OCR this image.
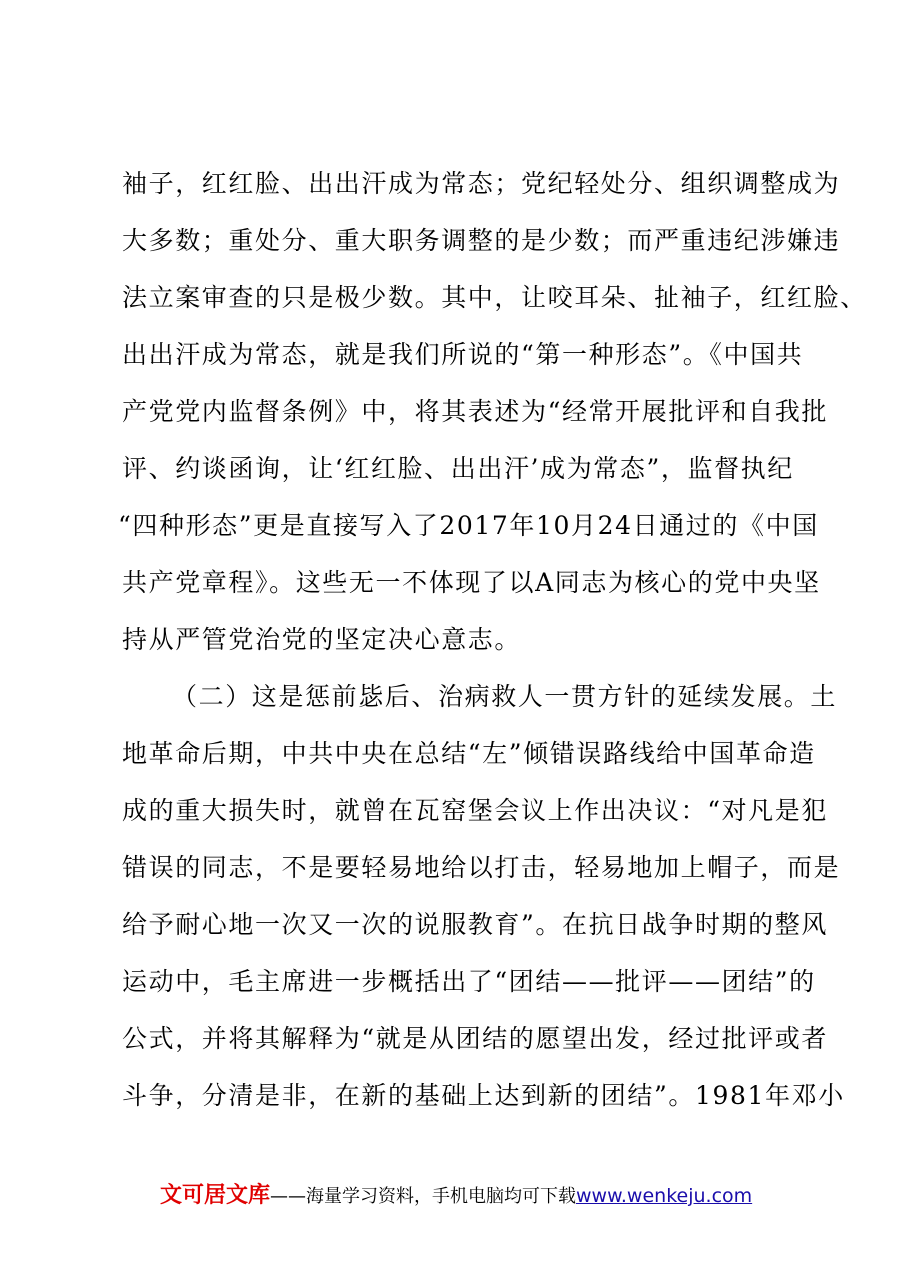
袖子，红红脸、出出汗成为常态；党纪轻处分、组织调整成为
大多数；重处分、重大职务调整的是少数；而严重违纪涉嫌违
法立案审查的只是极少数。其中，让咬耳朵、扯袖子，红红脸、
出出汗成为常态，就是我们所说的“第一种形态”。《中国共
产党党内监督条例》中，将其表述为“经常开展批评和自我批
评、约谈函询，让‘红红脸、出出汗’成为常态”，监督执纪
“四种形态”更是直接写入了2017年10月24日通过的《中国
共产党章程》。这些无一不体现了以A同志为核心的党中央坚
持从严管党治党的坚定决心意志。
（二）这是惩前毖后、治病救人一贯方针的延续发展。土
地革命后期，中共中央在总结“左”倾错误路线给中国革命造
成的重大损失时，就曾在瓦窑堡会议上作出决议：“对凡是犯
错误的同志，不是要轻易地给以打击，轻易地加上帽子，而是
给予耐心地一次又一次的说服教育”。在抗日战争时期的整风
运动中，毛主席进一步概括出了“团结——批评——团结”的
公式，并将其解释为“就是从团结的愿望出发，经过批评或者
斗争，分清是非，在新的基础上达到新的团结”。1981年邓小
文可居文库——海量学习资料，手机电脑均可下载www.wenkeju.com
